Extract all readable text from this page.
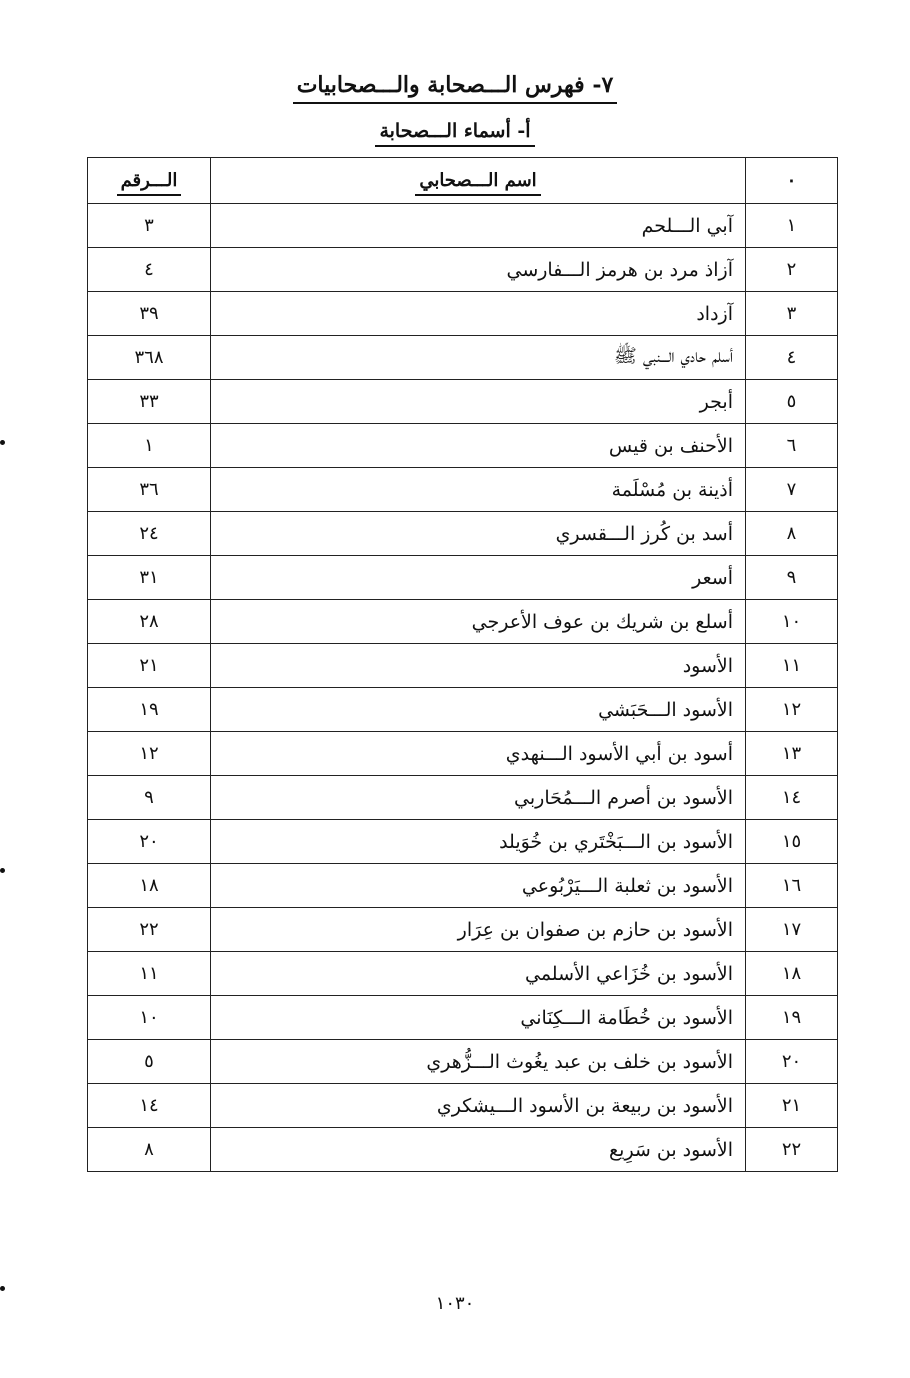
٧- فهرس الـــصحابة والـــصحابيات
أ- أسماء الـــصحابة
٠	اسم الـــصحابي	الـــرقم
١	آبي الـــلحم	٣
٢	آزاذ مرد بن هرمز الـــفارسي	٤
٣	آزداد	٣٩
٤	أسلم حادي الـــنبي ﷺ	٣٦٨
٥	أبجر	٣٣
٦	الأحنف بن قيس	١
٧	أذينة بن مُسْلَمة	٣٦
٨	أسد بن كُرز الـــقسري	٢٤
٩	أسعر	٣١
١٠	أسلع بن شريك بن عوف الأعرجي	٢٨
١١	الأسود	٢١
١٢	الأسود الـــحَبَشي	١٩
١٣	أسود بن أبي الأسود الـــنهدي	١٢
١٤	الأسود بن أصرم الـــمُحَاربي	٩
١٥	الأسود بن الـــبَخْتَري بن خُوَيلد	٢٠
١٦	الأسود بن ثعلبة الـــيَرْبُوعي	١٨
١٧	الأسود بن حازم بن صفوان بن عِرَار	٢٢
١٨	الأسود بن خُزَاعي الأسلمي	١١
١٩	الأسود بن خُطَامة الـــكِنَاني	١٠
٢٠	الأسود بن خلف بن عبد يغُوث الـــزُّهري	٥
٢١	الأسود بن ربيعة بن الأسود الـــيشكري	١٤
٢٢	الأسود بن سَرِيع	٨
١٠٣٠
